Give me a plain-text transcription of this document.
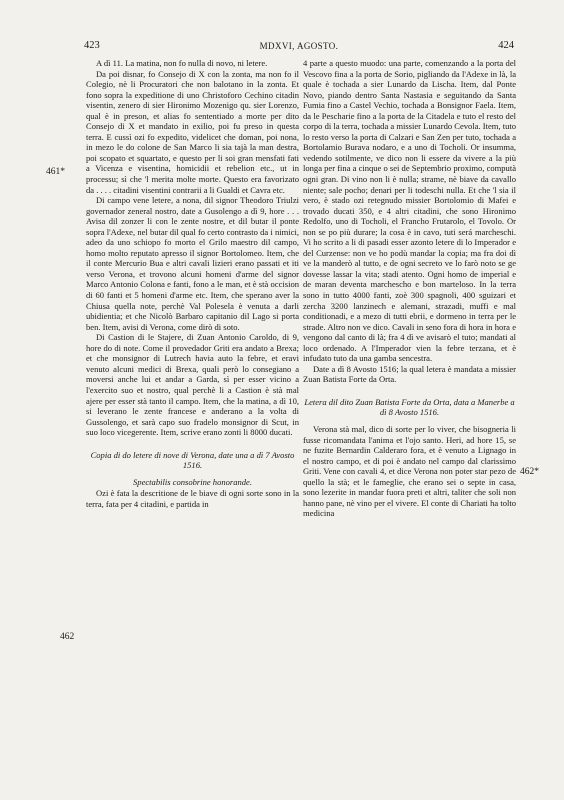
423	MDXVI, AGOSTO.	424
461*
462
462*

A dì 11. La matina, non fo nulla di novo, ni letere.

Da poi disnar, fo Consejo di X con la zonta, ma non fo il Colegio, nè li Procuratori che non balotano in la zonta. Et fono sopra la expeditione di uno Christoforo Cechino citadin visentin, zenero di sier Hironimo Mozenigo qu. sier Lorenzo, qual è in preson, et alias fo sententiado a morte per dito Consejo di X et mandato in exilio, poi fu preso in questa terra. E cussì ozi fo expedito, videlicet che doman, poi nona, in mezo le do colone de San Marco li sia tajà la man destra, poi scopato et squartato, e questo per li soi gran mensfati fati a Vicenza e visentina, homicidii et rebelion etc., ut in processu; sì che 'l merita molte morte. Questo era favorizato da . . . . citadini visentini contrarii a li Gualdi et Cavra etc.

Di campo vene letere, a nona, dil signor Theodoro Triulzi governador zeneral nostro, date a Gusolengo a dì 9, hore . . . Avisa dil zonzer li con le zente nostre, et dil butar il ponte sopra l'Adexe, nel butar dil qual fo certo contrasto da i nimici, adeo da uno schiopo fo morto el Grilo maestro dil campo, homo molto reputato apresso il signor Bortolomeo. Item, che il conte Mercurio Bua e altri cavali lizieri erano passati et iti verso Verona, et trovono alcuni homeni d'arme del signor Marco Antonio Colona e fanti, fono a le man, et è stà occision di 60 fanti et 5 homeni d'arme etc. Item, che sperano aver la Chiusa quella note, perchè Val Polesela è venuta a darli ubidientia; et che Nicolò Barbaro capitanio dil Lago si porta ben. Item, avisi di Verona, come dirò di soto.

Di Castion di le Stajere, di Zuan Antonio Caroldo, di 9, hore do di note. Come il provedador Griti era andato a Brexa; et che monsignor di Lutrech havia auto la febre, et eravi venuto alcuni medici di Brexa, quali però lo consegiano a moversi anche lui et andar a Garda, sì per esser vicino a l'exercito suo et nostro, qual perchè li a Castion è stà mal ajere per esser stà tanto il campo. Item, che la matina, a dì 10, si leverano le zente francese e anderano a la volta di Gussolengo, et sarà capo suo fradelo monsignor di Scut, in suo loco vicegerente. Item, scrive erano zonti li 8000 ducati.

Copia di do letere di nove di Verona, date una a dì 7 Avosto 1516.

Spectabilis consobrine honorande.

Ozi è fata la descritione de le biave di ogni sorte sono in la terra, fata per 4 citadini, e partida in

4 parte a questo muodo: una parte, comenzando a la porta del Vescovo fina a la porta de Sorio, pigliando da l'Adexe in là, la quale è tochada a sier Lunardo da Lischa. Item, dal Ponte Novo, piando dentro Santa Nastasia e seguitando da Santa Fumia fino a Castel Vechio, tochada a Bonsignor Faela. Item, da le Pescharie fino a la porta de la Citadela e tuto el resto del corpo di la terra, tochada a missier Lunardo Cevola. Item, tuto lo resto verso la porta di Calzari e San Zen per tuto, tochada a Bortolamio Burava nodaro, e a uno di Tocholi. Or insumma, vedendo sotilmente, ve dico non li essere da vivere a la più longa per fina a cinque o sei de Septembrio proximo, computà ogni gran. Di vino non li è nulla; strame, nè biave da cavallo niente; sale pocho; denari per li todeschi nulla. Et che 'l sia il vero, è stado ozi retegnudo missier Bortolomio di Mafei e trovado ducati 350, e 4 altri citadini, che sono Hironimo Redolfo, uno di Tocholi, el Francho Frutarolo, el Tovolo. Or non se po più durare; la cosa è in cavo, tuti será marcheschi. Vi ho scrito a li di pasadi esser azonto letere di lo Imperador e del Curzense: non ve ho podù mandar la copia; ma fra doi dì ve la manderò al tutto, e de ogni secreto ve lo farò noto se ge dovesse lassar la vita; stadi atento. Ogni homo de imperial e de maran deventa marchescho e bon marteloso. In la terra sono in tutto 4000 fanti, zoè 300 spagnoli, 400 sguizari et zercha 3200 lanzinech e alemani, strazadi, muffi e mal conditionadi, e a mezo di tutti ebrii, e dormeno in terra per le strade. Altro non ve dico. Cavali in seno fora di hora in hora e vengono dal canto di là; fra 4 dì ve avisarò el tuto; mandati al loco ordenado. A l'Imperador vien la febre terzana, et è infudato tuto da una gamba sencestra.

Date a dì 8 Avosto 1516; la qual letera è mandata a missier Zuan Batista Forte da Orta.

Letera dil dito Zuan Batista Forte da Orta, data a Manerbe a dì 8 Avosto 1516.

Verona stà mal, dico di sorte per lo viver, che bisogneria li fusse ricomandata l'anima et l'ojo santo. Heri, ad hore 15, se ne fuzite Bernardin Calderaro fora, et è venuto a Lignago in el nostro campo, et di poi è andato nel campo dal clarissimo Griti. Vene con cavali 4, et dice Verona non poter star pezo de quello la stà; et le fameglie, che erano sei o septe in casa, sono lezerite in mandar fuora preti et altri, taliter che soli non hanno pane, nè vino per el vivere. El conte di Chariati ha tolto medicina
